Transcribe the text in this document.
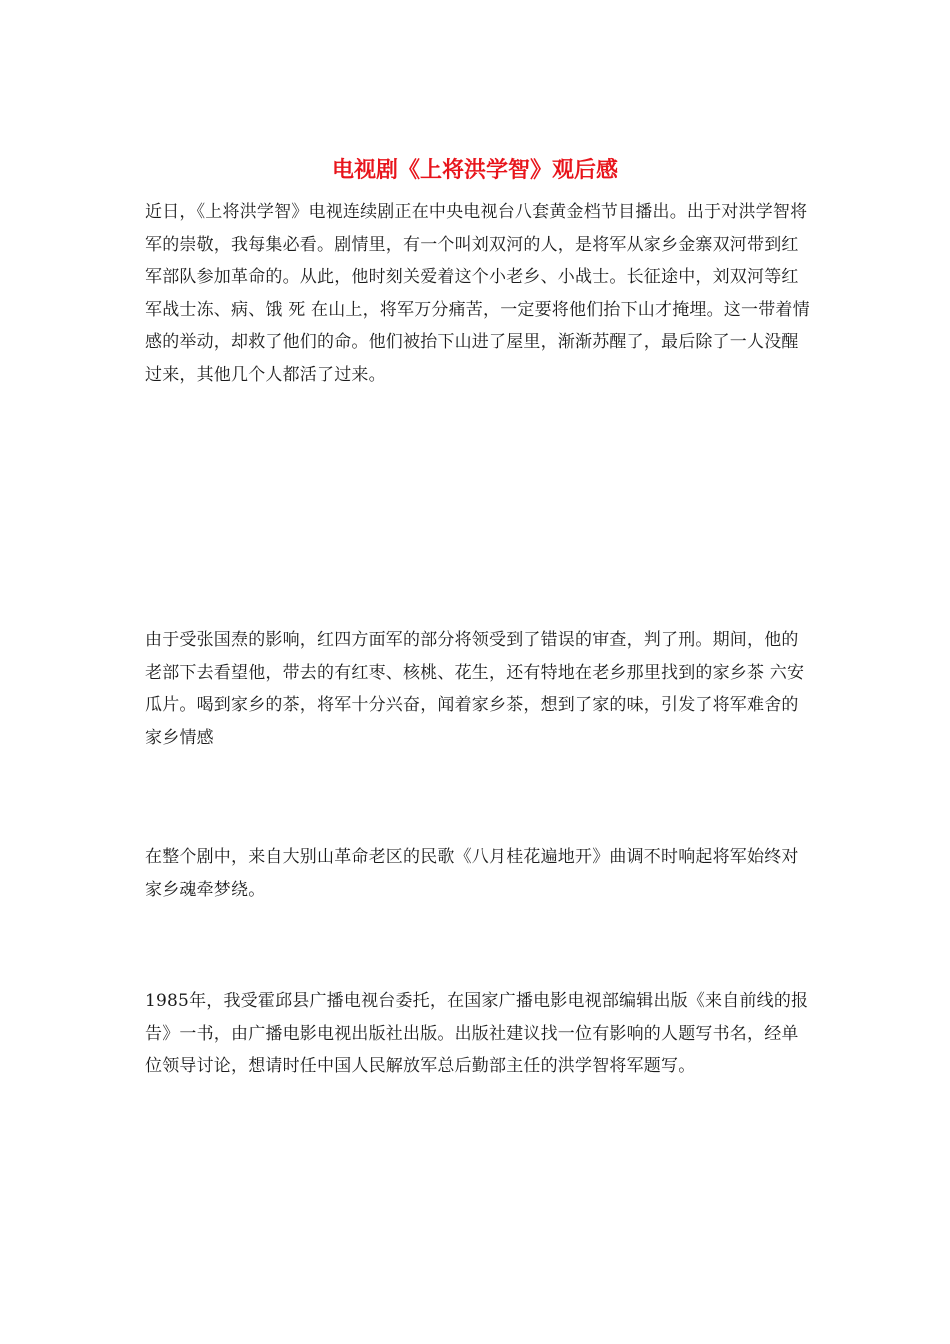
电视剧《上将洪学智》观后感

近日，《上将洪学智》电视连续剧正在中央电视台八套黄金档节目播出。出于对洪学智将军的崇敬，我每集必看。剧情里，有一个叫刘双河的人，是将军从家乡金寨双河带到红军部队参加革命的。从此，他时刻关爱着这个小老乡、小战士。长征途中，刘双河等红军战士冻、病、饿 死 在山上，将军万分痛苦，一定要将他们抬下山才掩埋。这一带着情感的举动，却救了他们的命。他们被抬下山进了屋里，渐渐苏醒了，最后除了一人没醒过来，其他几个人都活了过来。

由于受张国焘的影响，红四方面军的部分将领受到了错误的审查，判了刑。期间，他的老部下去看望他，带去的有红枣、核桃、花生，还有特地在老乡那里找到的家乡茶 六安瓜片。喝到家乡的茶，将军十分兴奋，闻着家乡茶，想到了家的味，引发了将军难舍的家乡情感

在整个剧中，来自大别山革命老区的民歌《八月桂花遍地开》曲调不时响起将军始终对家乡魂牵梦绕。

1985年，我受霍邱县广播电视台委托，在国家广播电影电视部编辑出版《来自前线的报告》一书，由广播电影电视出版社出版。出版社建议找一位有影响的人题写书名，经单位领导讨论，想请时任中国人民解放军总后勤部主任的洪学智将军题写。
